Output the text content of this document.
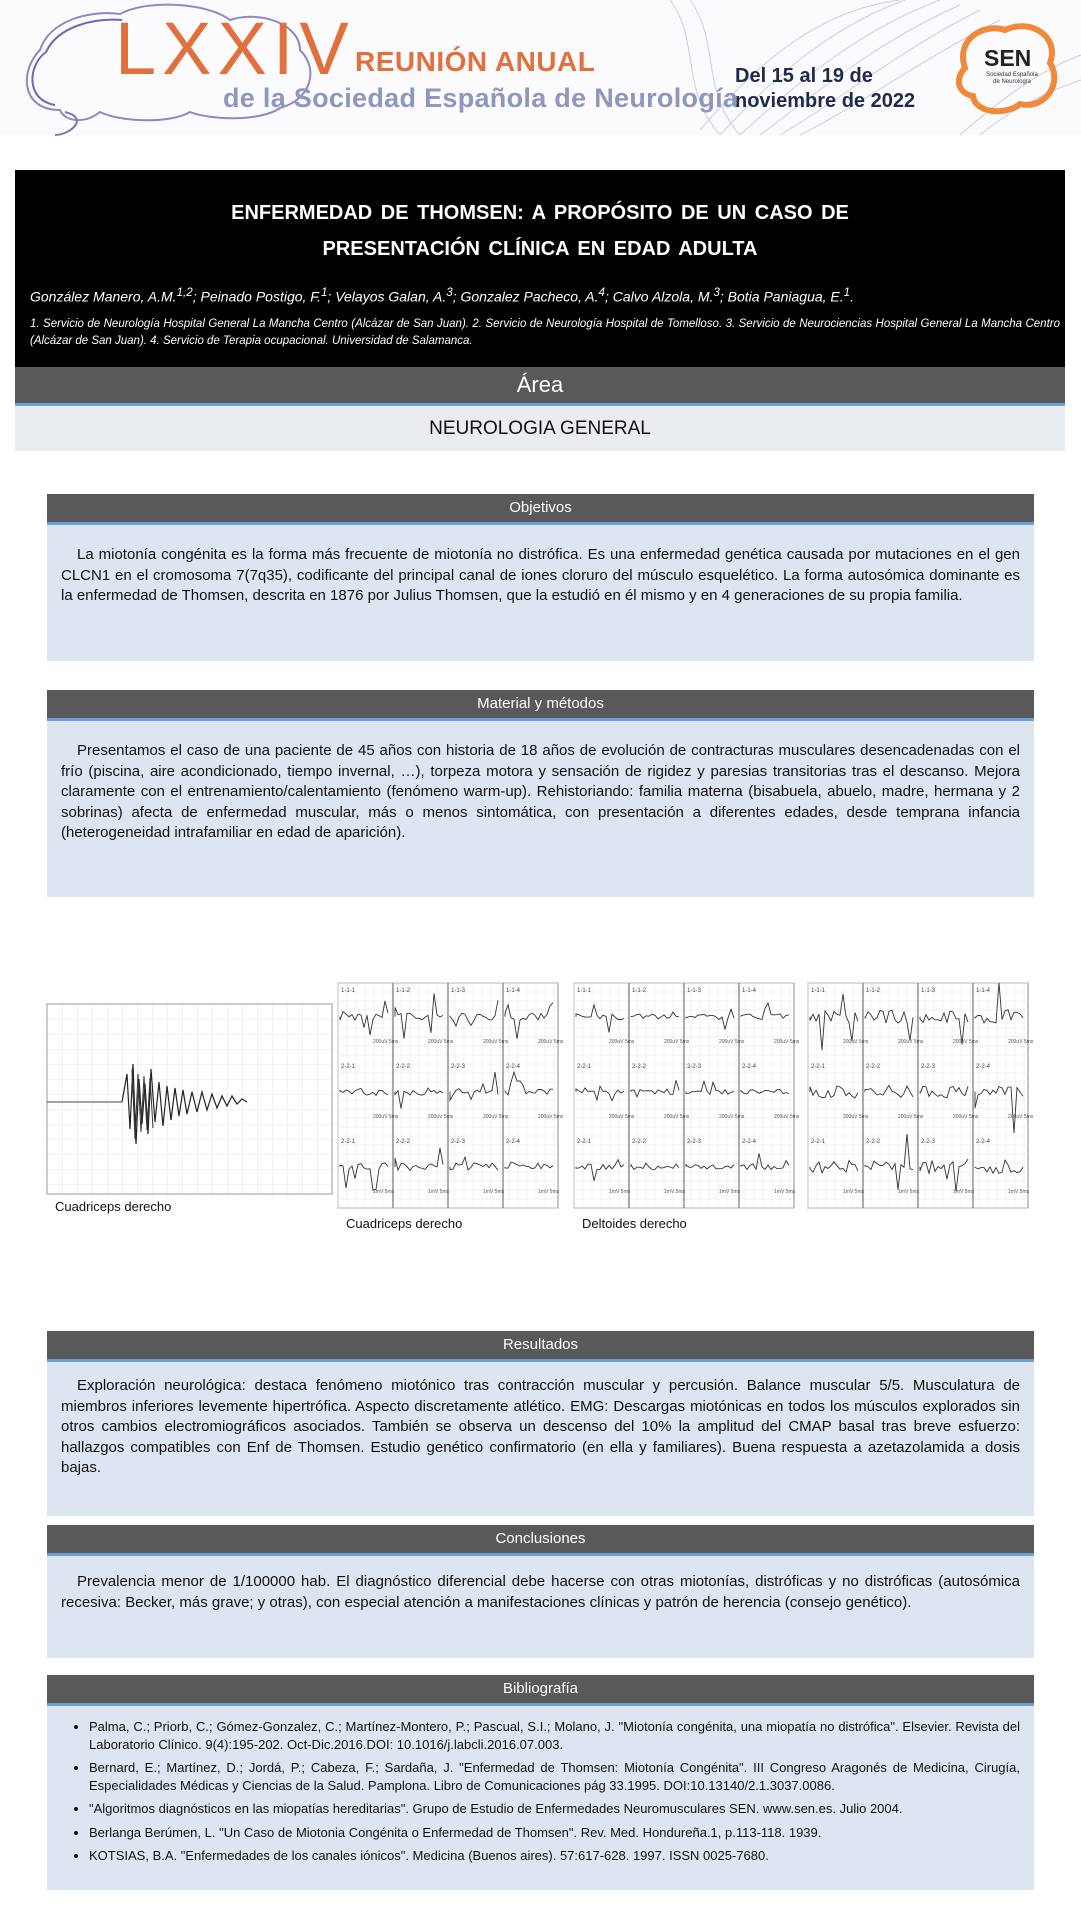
LXXIV REUNIÓN ANUAL
de la Sociedad Española de Neurología
Del 15 al 19 de
noviembre de 2022
SEN
Sociedad Española de Neurología
ENFERMEDAD DE THOMSEN: A PROPÓSITO DE UN CASO DE
PRESENTACIÓN CLÍNICA EN EDAD ADULTA
González Manero, A.M.$^{1,2}$; Peinado Postigo, F.$^1$; Velayos Galan, A.$^3$; Gonzalez Pacheco, A.$^4$; Calvo Alzola, M.$^3$; Botia Paniagua, E.$^1$.
1. Servicio de Neurología Hospital General La Mancha Centro (Alcázar de San Juan). 2. Servicio de Neurología Hospital de Tomelloso. 3. Servicio de Neurociencias Hospital General La Mancha Centro (Alcázar de San Juan). 4. Servicio de Terapia ocupacional. Universidad de Salamanca.
Área
NEUROLOGIA GENERAL
Objetivos

La miotonía congénita es la forma más frecuente de miotonía no distrófica. Es una enfermedad genética causada por mutaciones en el gen CLCN1 en el cromosoma 7(7q35), codificante del principal canal de iones cloruro del músculo esquelético. La forma autosómica dominante es la enfermedad de Thomsen, descrita en 1876 por Julius Thomsen, que la estudió en él mismo y en 4 generaciones de su propia familia.

Material y métodos

Presentamos el caso de una paciente de 45 años con historia de 18 años de evolución de contracturas musculares desencadenadas con el frío (piscina, aire acondicionado, tiempo invernal, …), torpeza motora y sensación de rigidez y paresias transitorias tras el descanso. Mejora claramente con el entrenamiento/calentamiento (fenómeno warm-up). Rehistoriando: familia materna (bisabuela, abuelo, madre, hermana y 2 sobrinas) afecta de enfermedad muscular, más o menos sintomática, con presentación a diferentes edades, desde temprana infancia (heterogeneidad intrafamiliar en edad de aparición).

Cuadriceps derecho
1-1-1
200uV 5ms
2-2-1
200uV 5ms
2-2-1
1mV 5ms
1-1-2
200uV 5ms
2-2-2
200uV 5ms
2-2-2
1mV 5ms
1-1-3
200uV 5ms
2-2-3
200uV 5ms
2-2-3
1mV 5ms
1-1-4
200uV 5ms
2-2-4
200uV 5ms
2-2-4
1mV 5ms
Cuadriceps derecho
1-1-1
200uV 5ms
2-2-1
200uV 5ms
2-2-1
1mV 5ms
1-1-2
200uV 5ms
2-2-2
200uV 5ms
2-2-2
1mV 5ms
1-1-3
200uV 5ms
2-2-3
200uV 5ms
2-2-3
1mV 5ms
1-1-4
200uV 5ms
2-2-4
200uV 5ms
2-2-4
1mV 5ms
Deltoides derecho
1-1-1
200uV 5ms
2-2-1
200uV 5ms
2-2-1
1mV 5ms
1-1-2
200uV 5ms
2-2-2
200uV 5ms
2-2-2
1mV 5ms
1-1-3
200uV 5ms
2-2-3
200uV 5ms
2-2-3
1mV 5ms
1-1-4
200uV 5ms
2-2-4
200uV 5ms
2-2-4
1mV 5ms
Resultados

Exploración neurológica: destaca fenómeno miotónico tras contracción muscular y percusión. Balance muscular 5/5. Musculatura de miembros inferiores levemente hipertrófica. Aspecto discretamente atlético. EMG: Descargas miotónicas en todos los músculos explorados sin otros cambios electromiográficos asociados. También se observa un descenso del 10% la amplitud del CMAP basal tras breve esfuerzo: hallazgos compatibles con Enf de Thomsen. Estudio genético confirmatorio (en ella y familiares). Buena respuesta a azetazolamida a dosis bajas.

Conclusiones

Prevalencia menor de 1/100000 hab. El diagnóstico diferencial debe hacerse con otras miotonías, distróficas y no distróficas (autosómica recesiva: Becker, más grave; y otras), con especial atención a manifestaciones clínicas y patrón de herencia (consejo genético).

Bibliografía
• Palma, C.; Priorb, C.; Gómez-Gonzalez, C.; Martínez-Montero, P.; Pascual, S.I.; Molano, J. "Miotonía congénita, una miopatía no distrófica". Elsevier. Revista del Laboratorio Clínico. 9(4):195-202. Oct-Dic.2016.DOI: 10.1016/j.labcli.2016.07.003.
• Bernard, E.; Martínez, D.; Jordá, P.; Cabeza, F.; Sardaña, J. "Enfermedad de Thomsen: Miotonía Congénita". III Congreso Aragonés de Medicina, Cirugía, Especialidades Médicas y Ciencias de la Salud. Pamplona. Libro de Comunicaciones pág 33.1995. DOI:10.13140/2.1.3037.0086.
• "Algoritmos diagnósticos en las miopatías hereditarias". Grupo de Estudio de Enfermedades Neuromusculares SEN. www.sen.es. Julio 2004.
• Berlanga Berúmen, L. "Un Caso de Miotonia Congénita o Enfermedad de Thomsen". Rev. Med. Hondureña.1, p.113-118. 1939.
• KOTSIAS, B.A. "Enfermedades de los canales iónicos". Medicina (Buenos aires). 57:617-628. 1997. ISSN 0025-7680.
